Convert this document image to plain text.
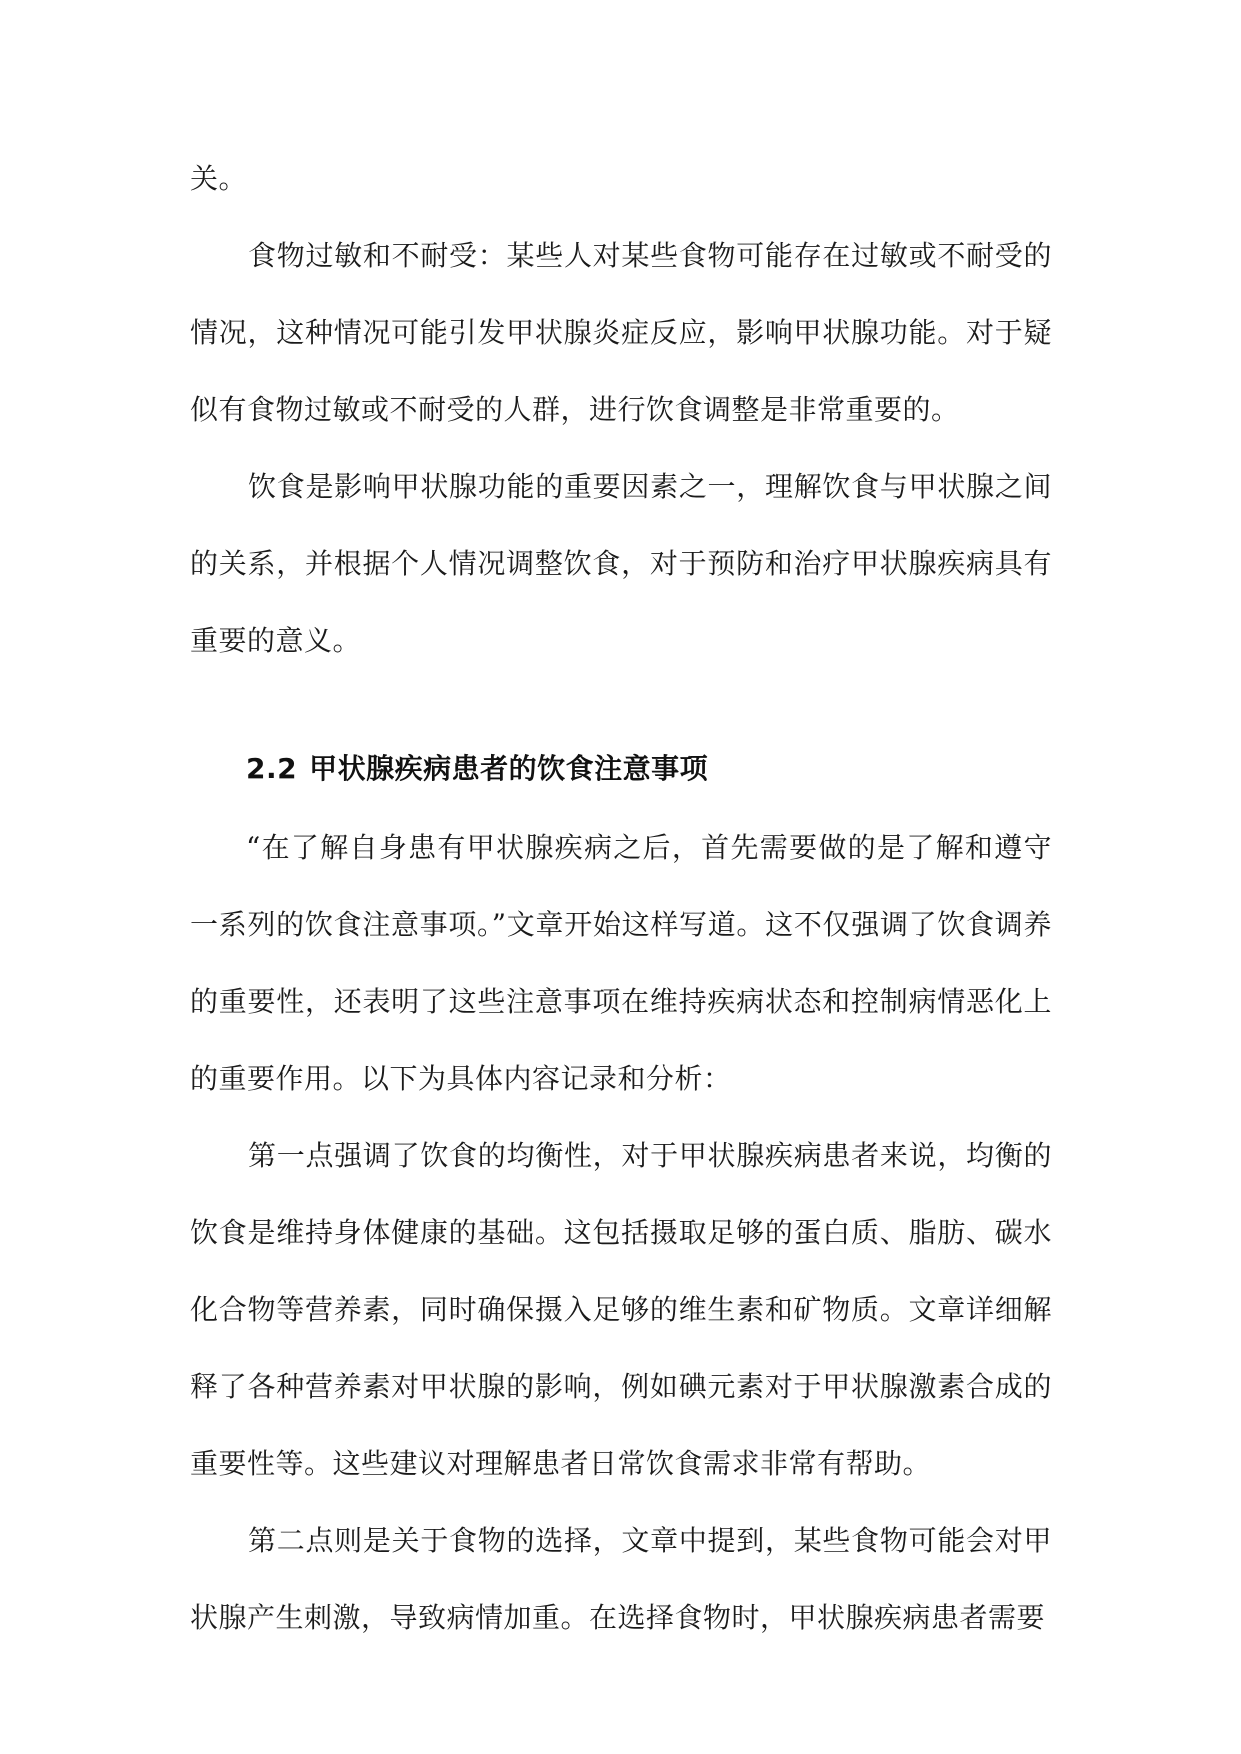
关。

食物过敏和不耐受：某些人对某些食物可能存在过敏或不耐受的情况，这种情况可能引发甲状腺炎症反应，影响甲状腺功能。对于疑似有食物过敏或不耐受的人群，进行饮食调整是非常重要的。

饮食是影响甲状腺功能的重要因素之一，理解饮食与甲状腺之间的关系，并根据个人情况调整饮食，对于预防和治疗甲状腺疾病具有重要的意义。

2.2 甲状腺疾病患者的饮食注意事项

“在了解自身患有甲状腺疾病之后，首先需要做的是了解和遵守一系列的饮食注意事项。”文章开始这样写道。这不仅强调了饮食调养的重要性，还表明了这些注意事项在维持疾病状态和控制病情恶化上的重要作用。以下为具体内容记录和分析：

第一点强调了饮食的均衡性，对于甲状腺疾病患者来说，均衡的饮食是维持身体健康的基础。这包括摄取足够的蛋白质、脂肪、碳水化合物等营养素，同时确保摄入足够的维生素和矿物质。文章详细解释了各种营养素对甲状腺的影响，例如碘元素对于甲状腺激素合成的重要性等。这些建议对理解患者日常饮食需求非常有帮助。

第二点则是关于食物的选择，文章中提到，某些食物可能会对甲状腺产生刺激，导致病情加重。在选择食物时，甲状腺疾病患者需要
